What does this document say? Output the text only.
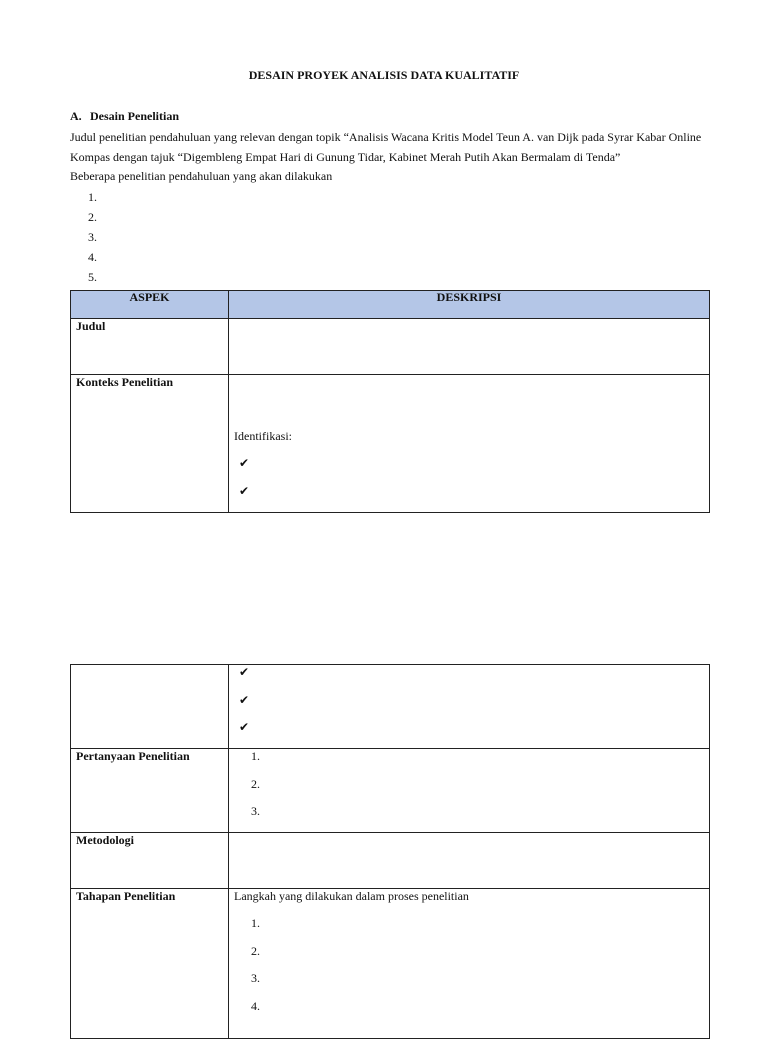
DESAIN PROYEK ANALISIS DATA KUALITATIF
A. Desain Penelitian
Judul penelitian pendahuluan yang relevan dengan topik “Analisis Wacana Kritis Model Teun A. van Dijk pada Syrar Kabar Online
Kompas dengan tajuk “Digembleng Empat Hari di Gunung Tidar, Kabinet Merah Putih Akan Bermalam di Tenda”
Beberapa penelitian pendahuluan yang akan dilakukan
1.
2.
3.
4.
5.
ASPEK	DESKRIPSI

Judul	

Konteks Penelitian	Identifikasi:
✔
✔

	✔
✔
✔

Pertanyaan Penelitian	1.
2.
3.

Metodologi	

Tahapan Penelitian	Langkah yang dilakukan dalam proses penelitian
1.
2.
3.
4.
